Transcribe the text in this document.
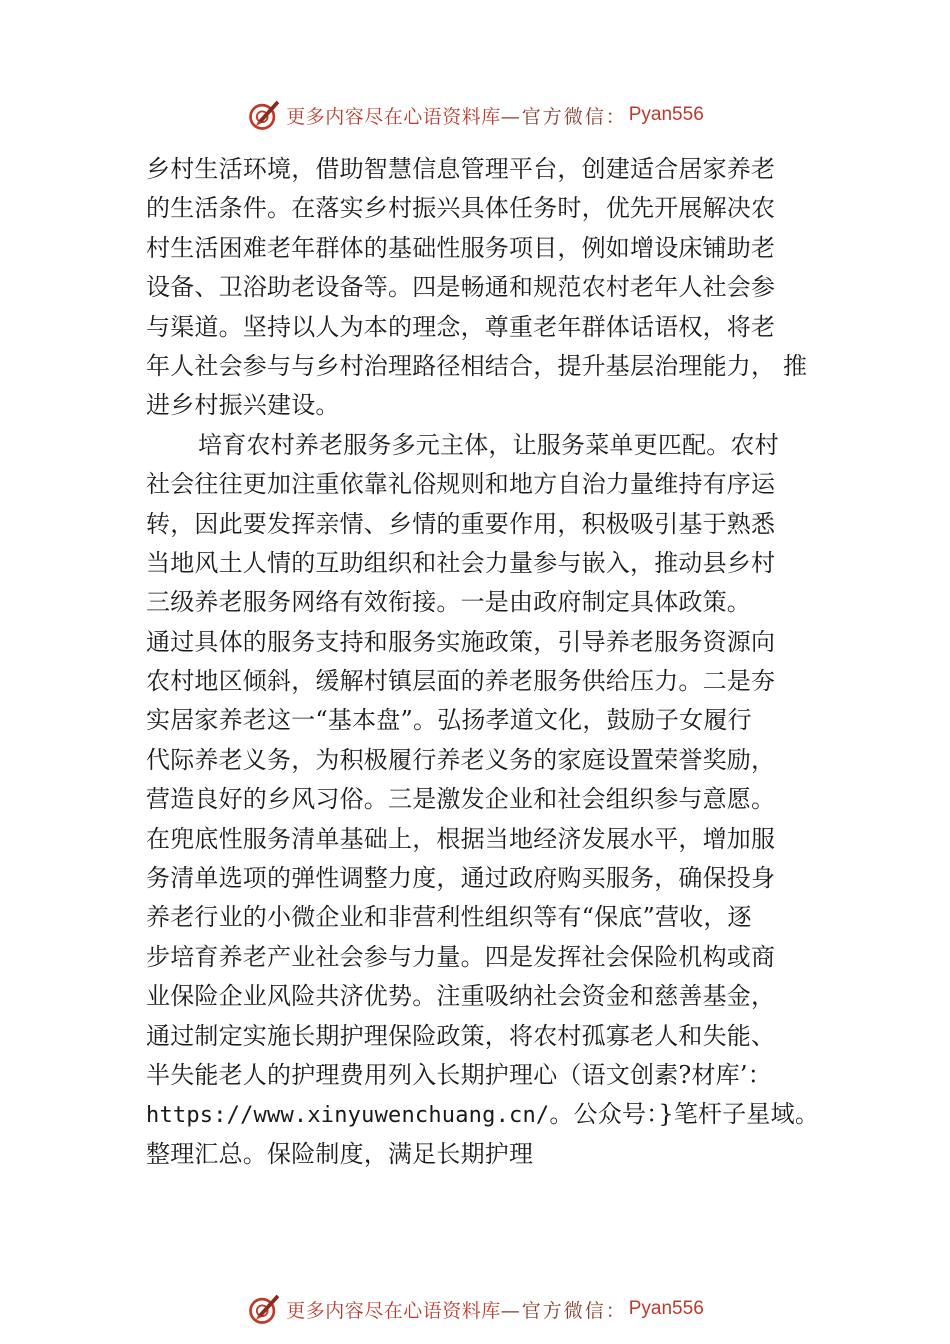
更多内容尽在心语资料库 —官方微信： Pyan556
乡村生活环境，借助智慧信息管理平台，创建适合居家养老
的生活条件。在落实乡村振兴具体任务时，优先开展解决农
村生活困难老年群体的基础性服务项目，例如增设床铺助老
设备、卫浴助老设备等。四是畅通和规范农村老年人社会参
与渠道。坚持以人为本的理念，尊重老年群体话语权，将老
年人社会参与与乡村治理路径相结合，提升基层治理能力， 推
进乡村振兴建设。
培育农村养老服务多元主体，让服务菜单更匹配。农村
社会往往更加注重依靠礼俗规则和地方自治力量维持有序运
转，因此要发挥亲情、乡情的重要作用，积极吸引基于熟悉
当地风土人情的互助组织和社会力量参与嵌入，推动县乡村
三级养老服务网络有效衔接。一是由政府制定具体政策。
通过具体的服务支持和服务实施政策，引导养老服务资源向
农村地区倾斜，缓解村镇层面的养老服务供给压力。二是夯
实居家养老这一“基本盘”。弘扬孝道文化，鼓励子女履行
代际养老义务，为积极履行养老义务的家庭设置荣誉奖励，
营造良好的乡风习俗。三是激发企业和社会组织参与意愿。
在兜底性服务清单基础上，根据当地经济发展水平，增加服
务清单选项的弹性调整力度，通过政府购买服务，确保投身
养老行业的小微企业和非营利性组织等有“保底”营收，逐
步培育养老产业社会参与力量。四是发挥社会保险机构或商
业保险企业风险共济优势。注重吸纳社会资金和慈善基金，
通过制定实施长期护理保险政策，将农村孤寡老人和失能、
半失能老人的护理费用列入长期护理心（语文创素?材库’：
https://www.xinyuwenchuang.cn/。公众号：}笔杆子星域。
整理汇总。保险制度，满足长期护理
更多内容尽在心语资料库 —官方微信： Pyan556
